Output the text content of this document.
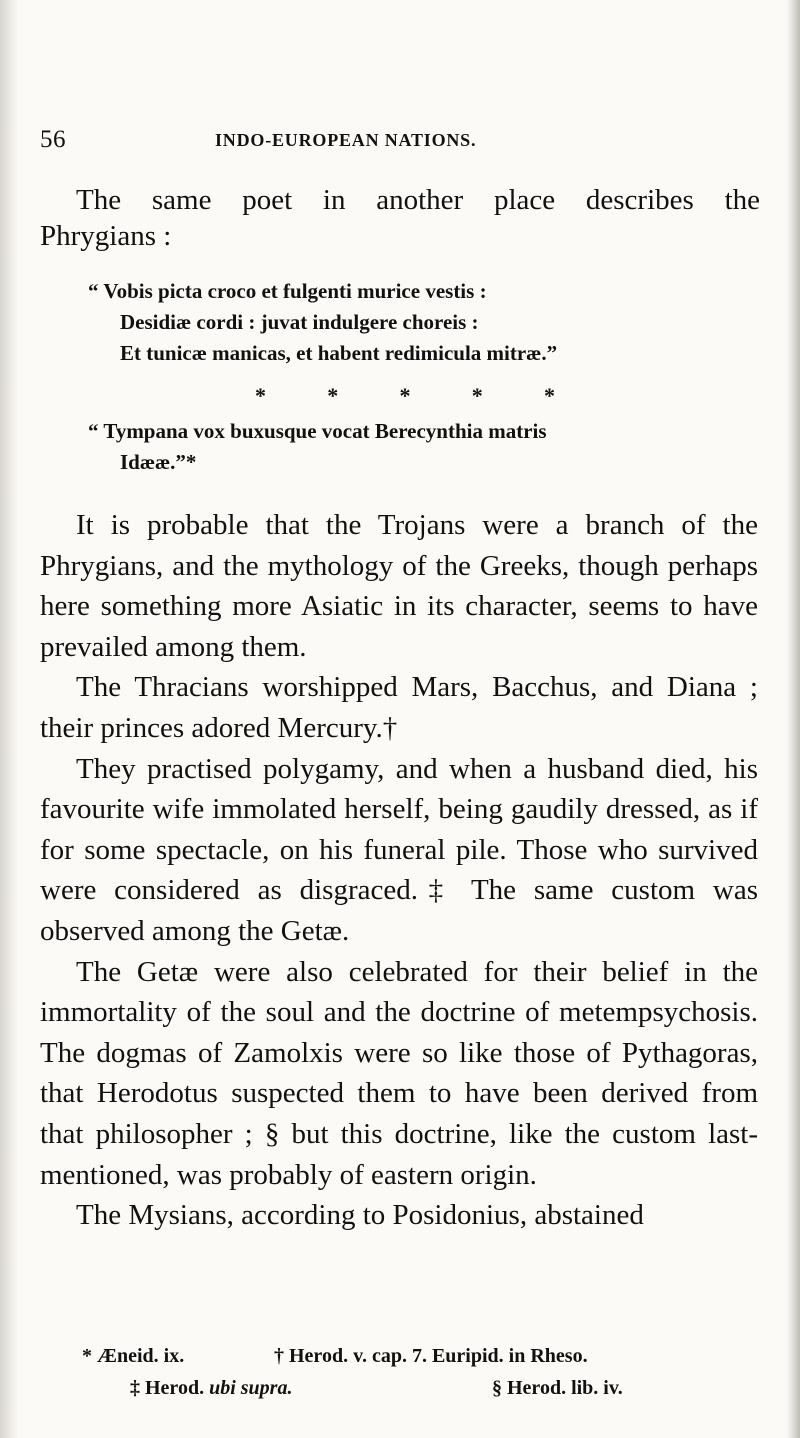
56	INDO-EUROPEAN NATIONS.
The same poet in another place describes the
Phrygians :
“ Vobis picta croco et fulgenti murice vestis :
Desidiæ cordi : juvat indulgere choreis :
Et tunicæ manicas, et habent redimicula mitræ.”
*	*	*	*	*
“ Tympana vox buxusque vocat Berecynthia matris
Idææ.”*

It is probable that the Trojans were a branch of the Phrygians, and the mythology of the Greeks, though perhaps here something more Asiatic in its character, seems to have prevailed among them.

The Thracians worshipped Mars, Bacchus, and Diana ; their princes adored Mercury.†

They practised polygamy, and when a husband died, his favourite wife immolated herself, being gaudily dressed, as if for some spectacle, on his funeral pile. Those who survived were considered as disgraced.‡ The same custom was observed among the Getæ.

The Getæ were also celebrated for their belief in the immortality of the soul and the doctrine of metempsychosis. The dogmas of Zamolxis were so like those of Pythagoras, that Herodotus suspected them to have been derived from that philosopher ; § but this doctrine, like the custom last-mentioned, was probably of eastern origin.

The Mysians, according to Posidonius, abstained

* Æneid. ix.	† Herod. v. cap. 7. Euripid. in Rheso.
‡ Herod. ubi supra.	§ Herod. lib. iv.
